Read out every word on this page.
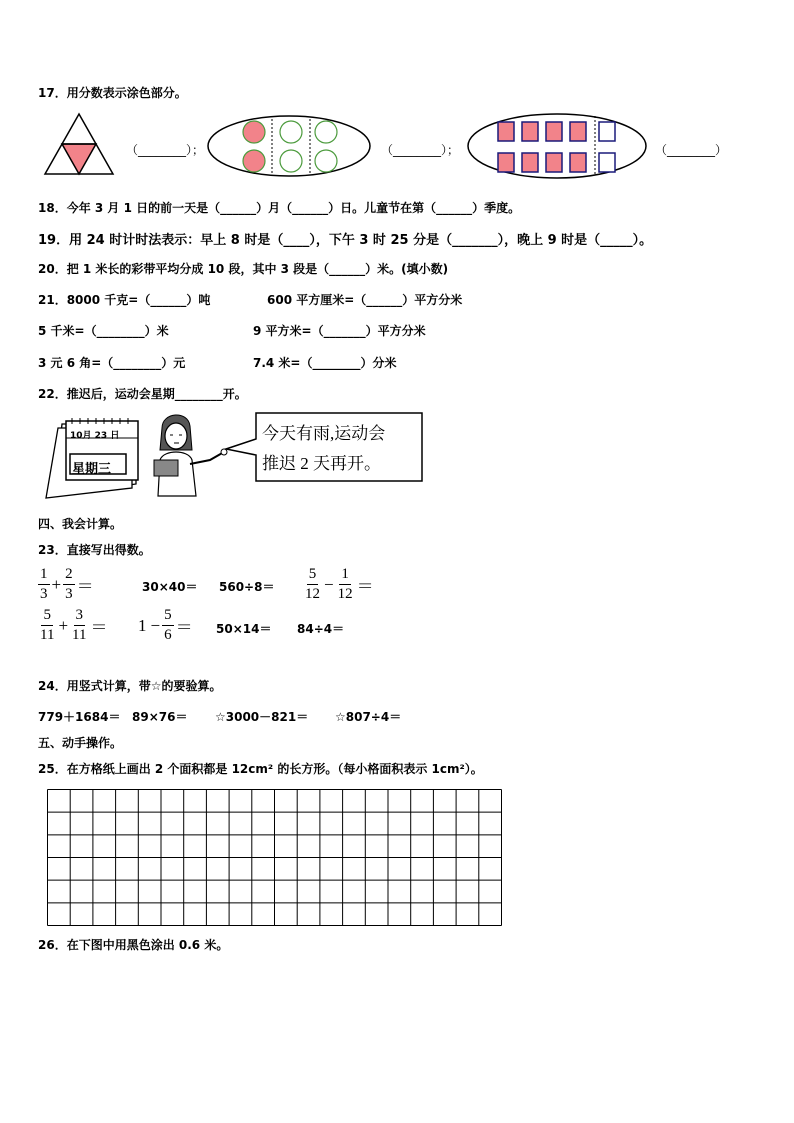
17．用分数表示涂色部分。
（________）；	（________）；	（________）
18．今年 3 月 1 日的前一天是（______）月（______）日。儿童节在第（______）季度。
19．用 24 时计时法表示：早上 8 时是（____），下午 3 时 25 分是（_______），晚上 9 时是（_____）。
20．把 1 米长的彩带平均分成 10 段，其中 3 段是（______）米。(填小数)
21．8000 千克=（______）吨	600 平方厘米=（______）平方分米
5 千米=（________）米	9 平方米=（_______）平方分米
3 元 6 角=（________）元	7.4 米=（________）分米
22．推迟后，运动会星期________开。
10月 23 日
星期三
今天有雨,运动会
推迟 2 天再开。
四、我会计算。
23．直接写出得数。
$\frac{1}{3} + \frac{2}{3}$ ＝	$30\times 40= 560\div 8= \frac{5}{12} - \frac{1}{12}$ ＝
$\frac{5}{11} + \frac{3}{11} = 1 - \frac{5}{6} = 50\times 14= 84\div 4=$
24．用竖式计算，带☆的要验算。
779＋1684＝ 89×76＝ ☆3000－821＝ ☆807÷4＝
五、动手操作。
25．在方格纸上画出 2 个面积都是 12cm² 的长方形。（每小格面积表示 1cm²）。
26．在下图中用黑色涂出 0.6 米。
